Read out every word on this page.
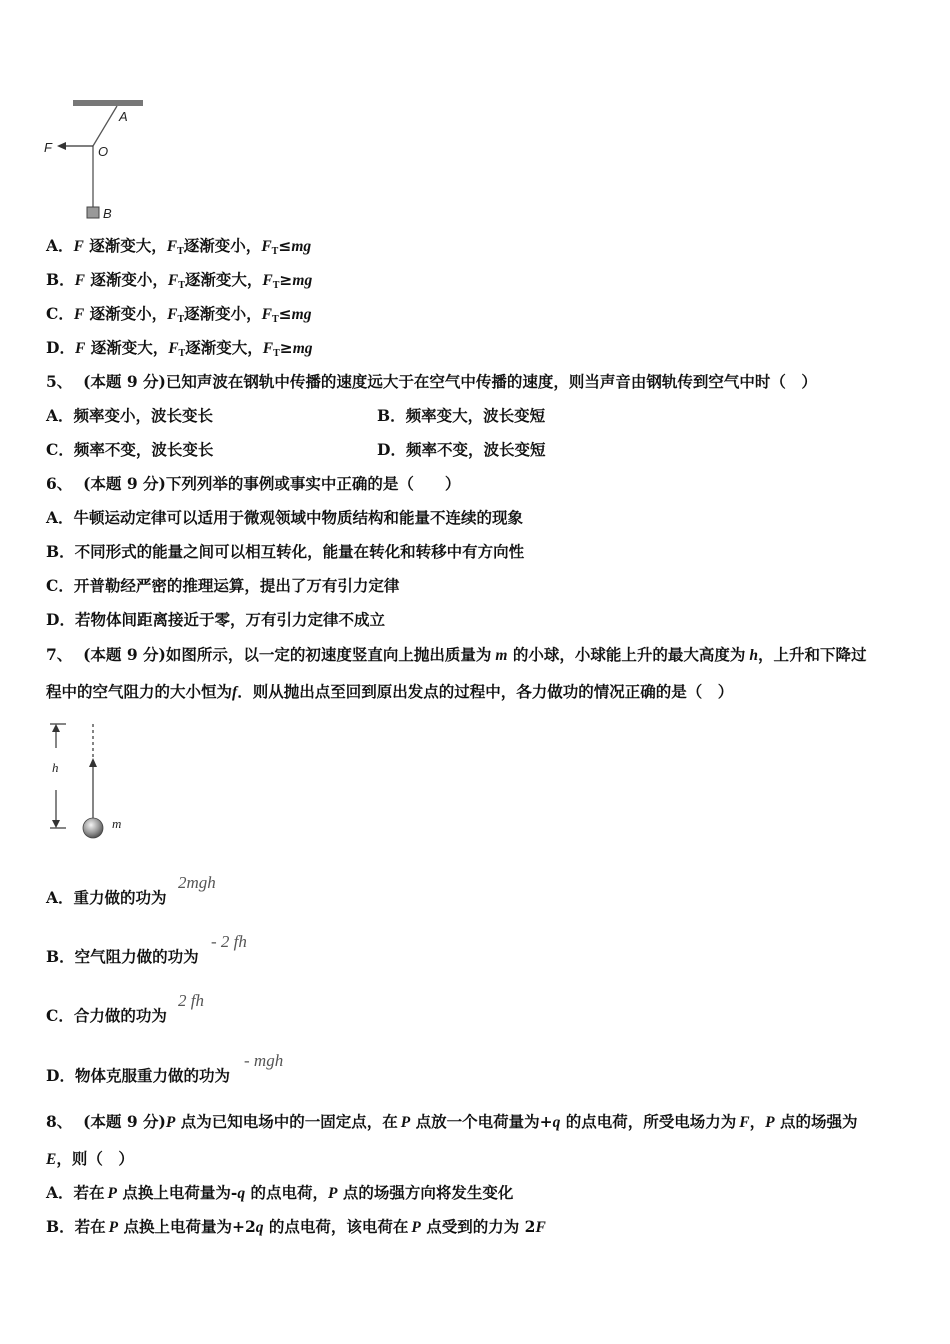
A
O
F
B
A．F 逐渐变大，FT逐渐变小，FT≤mg
B．F 逐渐变小，FT逐渐变大，FT≥mg
C．F 逐渐变小，FT逐渐变小，FT≤mg
D．F 逐渐变大，FT逐渐变大，FT≥mg
5、 (本题 9 分)已知声波在钢轨中传播的速度远大于在空气中传播的速度，则当声音由钢轨传到空气中时（　）
A．频率变小，波长变长	B．频率变大，波长变短
C．频率不变，波长变长	D．频率不变，波长变短
6、 (本题 9 分)下列列举的事例或事实中正确的是（　　）
A．牛顿运动定律可以适用于微观领域中物质结构和能量不连续的现象
B．不同形式的能量之间可以相互转化，能量在转化和转移中有方向性
C．开普勒经严密的推理运算，提出了万有引力定律
D．若物体间距离接近于零，万有引力定律不成立
7、 (本题 9 分)如图所示，以一定的初速度竖直向上抛出质量为 m 的小球，小球能上升的最大高度为 h，上升和下降过
程中的空气阻力的大小恒为f．则从抛出点至回到原出发点的过程中，各力做功的情况正确的是（　）
h
m
A．重力做的功为
2mgh
B．空气阻力做的功为
- 2 fh
C．合力做的功为
2 fh
D．物体克服重力做的功为
- mgh
8、 (本题 9 分)P 点为已知电场中的一固定点，在 P 点放一个电荷量为+q 的点电荷，所受电场力为 F，P 点的场强为
E，则（　）
A．若在 P 点换上电荷量为-q 的点电荷，P 点的场强方向将发生变化
B．若在 P 点换上电荷量为+2q 的点电荷，该电荷在 P 点受到的力为 2F
